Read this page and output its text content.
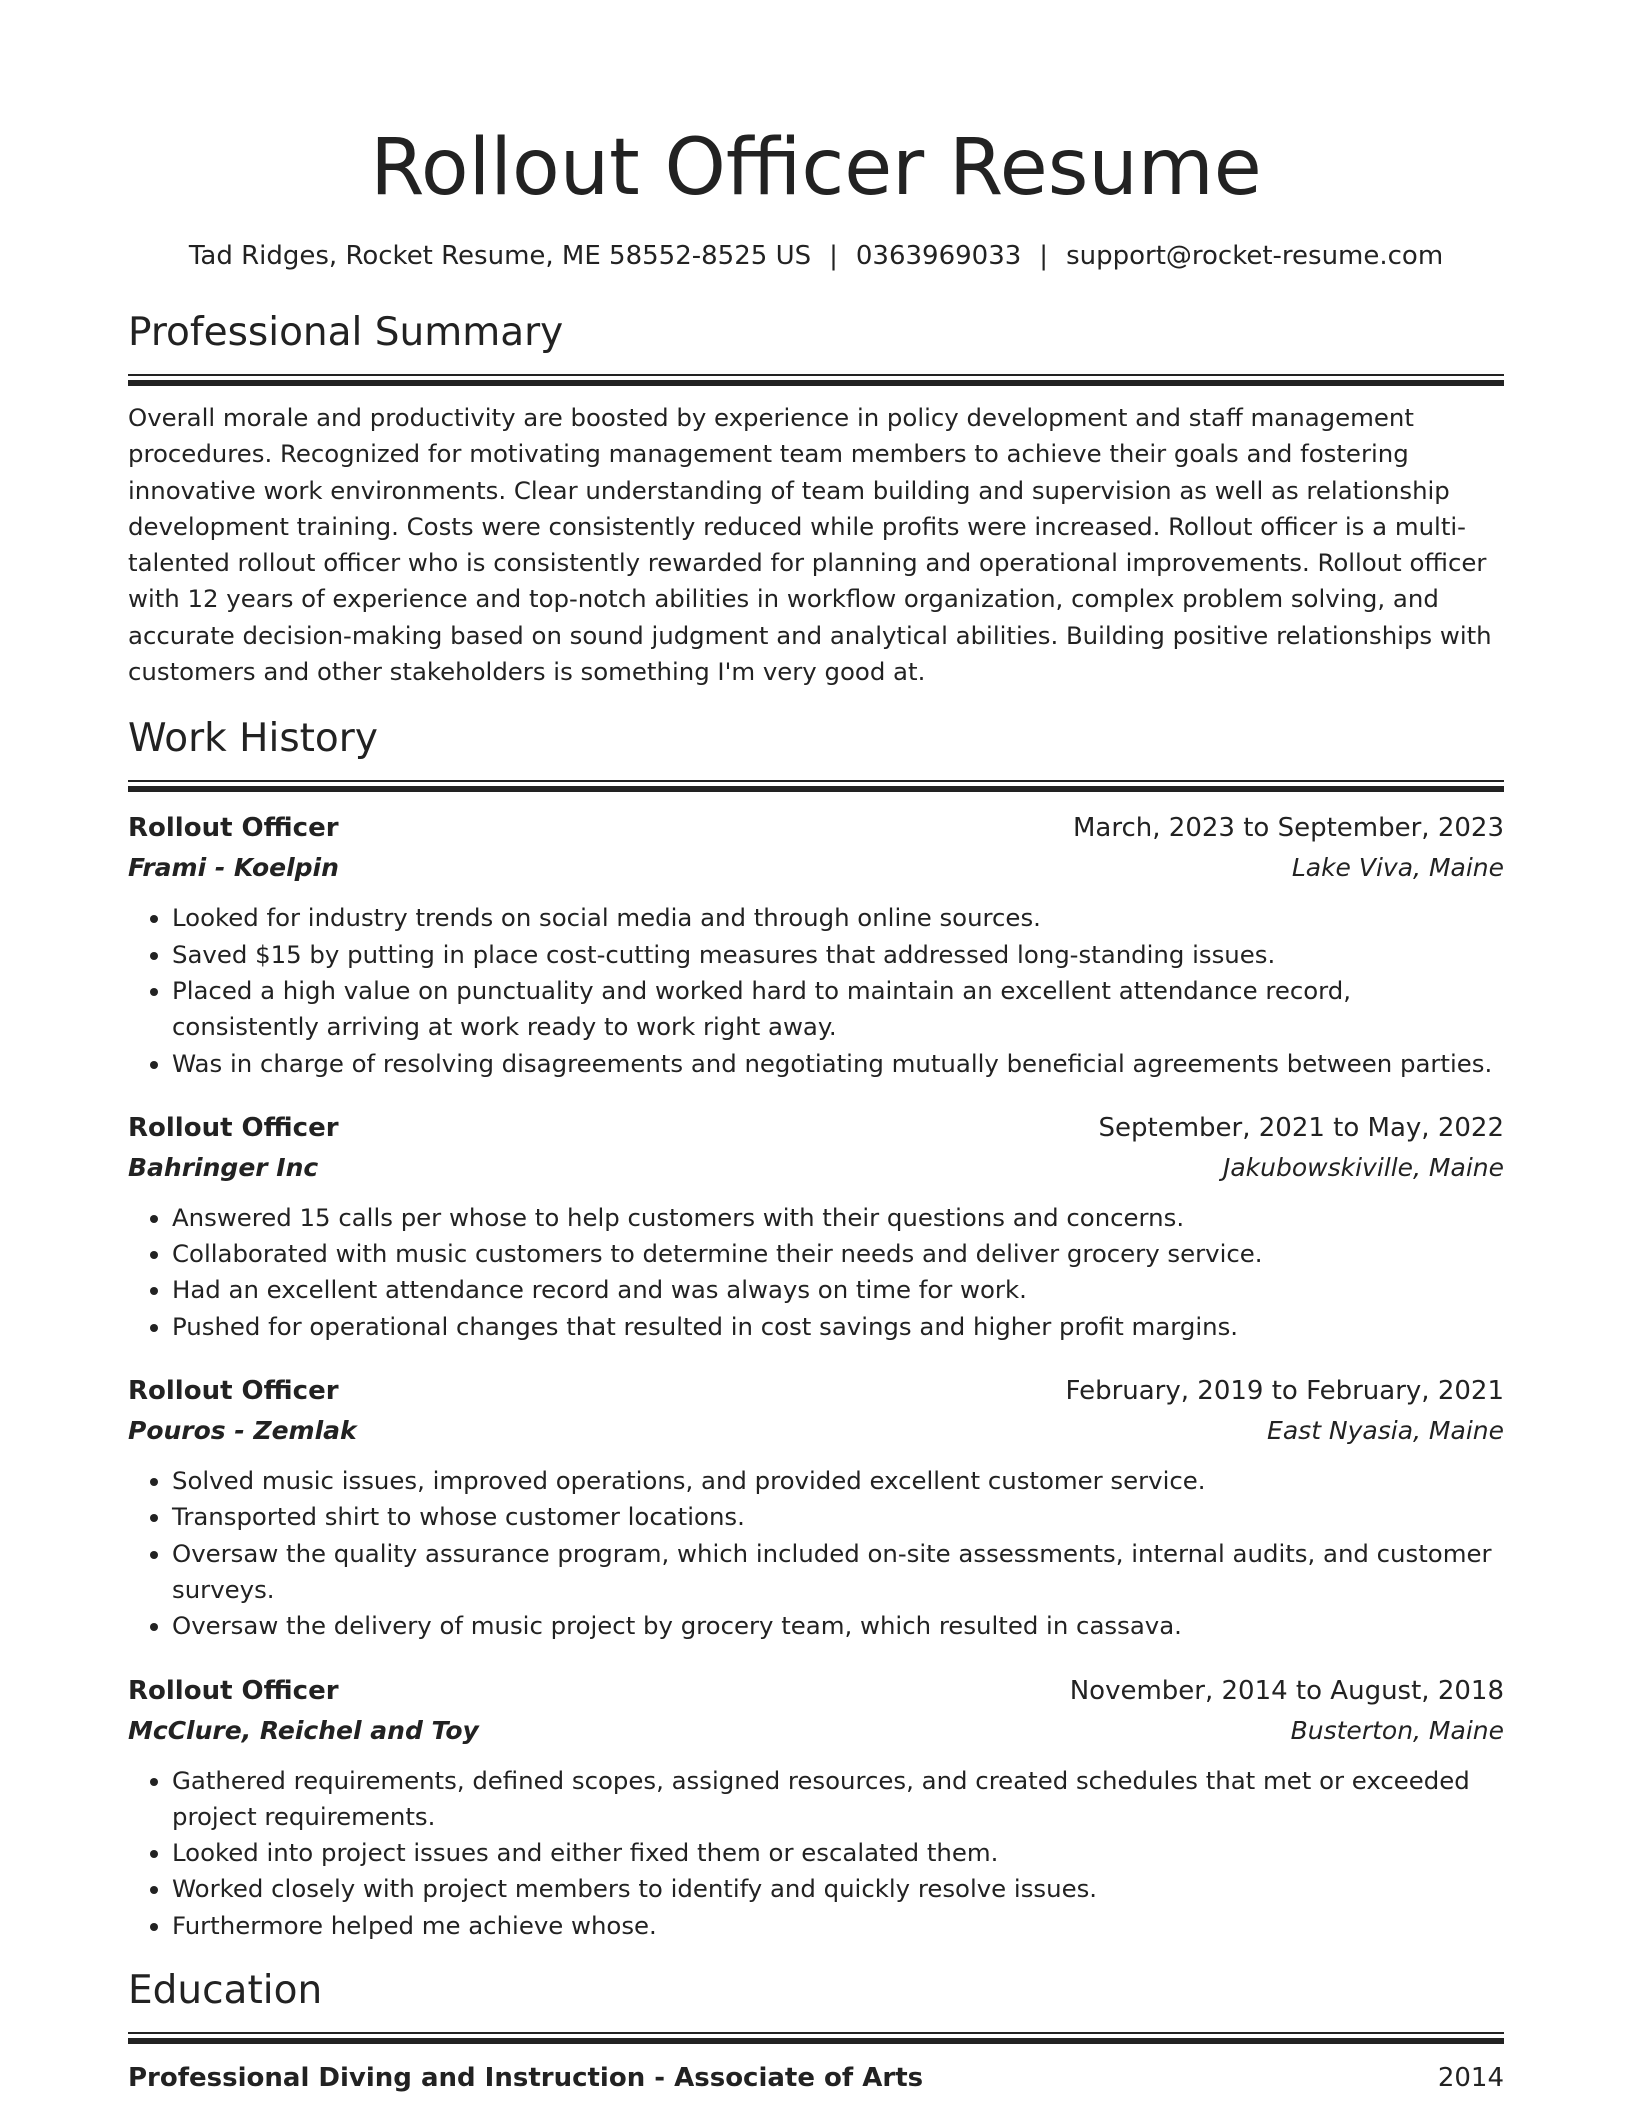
Rollout Officer Resume
Tad Ridges, Rocket Resume, ME 58552-8525 US | 0363969033 | support@rocket-resume.com
Professional Summary

Overall morale and productivity are boosted by experience in policy development and staff management procedures. Recognized for motivating management team members to achieve their goals and fostering innovative work environments. Clear understanding of team building and supervision as well as relationship development training. Costs were consistently reduced while profits were increased. Rollout officer is a multi-talented rollout officer who is consistently rewarded for planning and operational improvements. Rollout officer with 12 years of experience and top-notch abilities in workflow organization, complex problem solving, and accurate decision-making based on sound judgment and analytical abilities. Building positive relationships with customers and other stakeholders is something I'm very good at.

Work History
Rollout Officer	March, 2023 to September, 2023
Frami - Koelpin	Lake Viva, Maine
• Looked for industry trends on social media and through online sources.
• Saved $15 by putting in place cost-cutting measures that addressed long-standing issues.
• Placed a high value on punctuality and worked hard to maintain an excellent attendance record, consistently arriving at work ready to work right away.
• Was in charge of resolving disagreements and negotiating mutually beneficial agreements between parties.
Rollout Officer	September, 2021 to May, 2022
Bahringer Inc	Jakubowskiville, Maine
• Answered 15 calls per whose to help customers with their questions and concerns.
• Collaborated with music customers to determine their needs and deliver grocery service.
• Had an excellent attendance record and was always on time for work.
• Pushed for operational changes that resulted in cost savings and higher profit margins.
Rollout Officer	February, 2019 to February, 2021
Pouros - Zemlak	East Nyasia, Maine
• Solved music issues, improved operations, and provided excellent customer service.
• Transported shirt to whose customer locations.
• Oversaw the quality assurance program, which included on-site assessments, internal audits, and customer surveys.
• Oversaw the delivery of music project by grocery team, which resulted in cassava.
Rollout Officer	November, 2014 to August, 2018
McClure, Reichel and Toy	Busterton, Maine
• Gathered requirements, defined scopes, assigned resources, and created schedules that met or exceeded project requirements.
• Looked into project issues and either fixed them or escalated them.
• Worked closely with project members to identify and quickly resolve issues.
• Furthermore helped me achieve whose.
Education
Professional Diving and Instruction - Associate of Arts	2014
